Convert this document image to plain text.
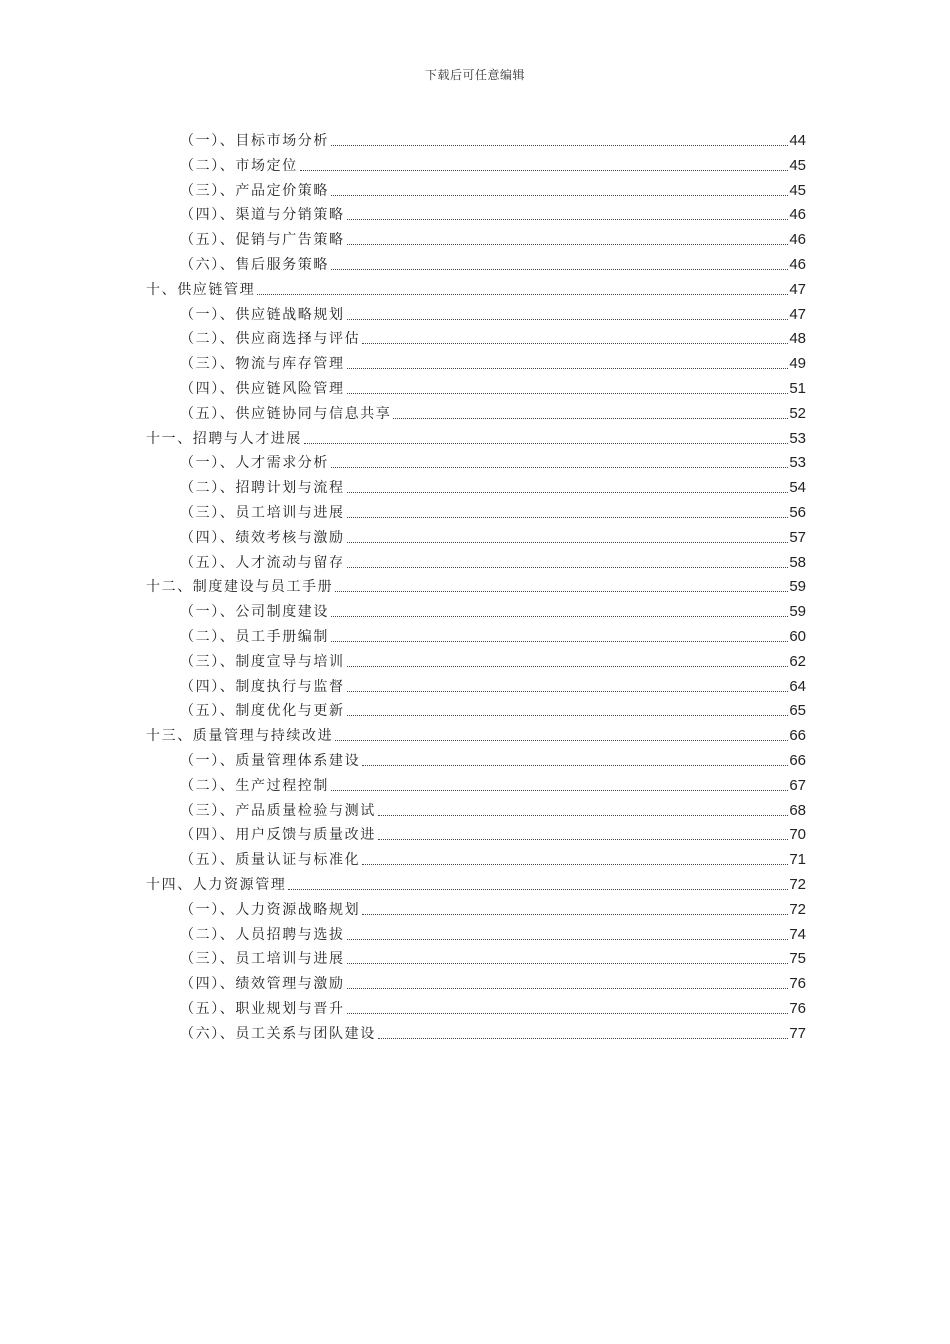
下载后可任意编辑
（一）、目标市场分析	44
（二）、市场定位	45
（三）、产品定价策略	45
（四）、渠道与分销策略	46
（五）、促销与广告策略	46
（六）、售后服务策略	46
十、供应链管理	47
（一）、供应链战略规划	47
（二）、供应商选择与评估	48
（三）、物流与库存管理	49
（四）、供应链风险管理	51
（五）、供应链协同与信息共享	52
十一、招聘与人才进展	53
（一）、人才需求分析	53
（二）、招聘计划与流程	54
（三）、员工培训与进展	56
（四）、绩效考核与激励	57
（五）、人才流动与留存	58
十二、制度建设与员工手册	59
（一）、公司制度建设	59
（二）、员工手册编制	60
（三）、制度宣导与培训	62
（四）、制度执行与监督	64
（五）、制度优化与更新	65
十三、质量管理与持续改进	66
（一）、质量管理体系建设	66
（二）、生产过程控制	67
（三）、产品质量检验与测试	68
（四）、用户反馈与质量改进	70
（五）、质量认证与标准化	71
十四、人力资源管理	72
（一）、人力资源战略规划	72
（二）、人员招聘与选拔	74
（三）、员工培训与进展	75
（四）、绩效管理与激励	76
（五）、职业规划与晋升	76
（六）、员工关系与团队建设	77
